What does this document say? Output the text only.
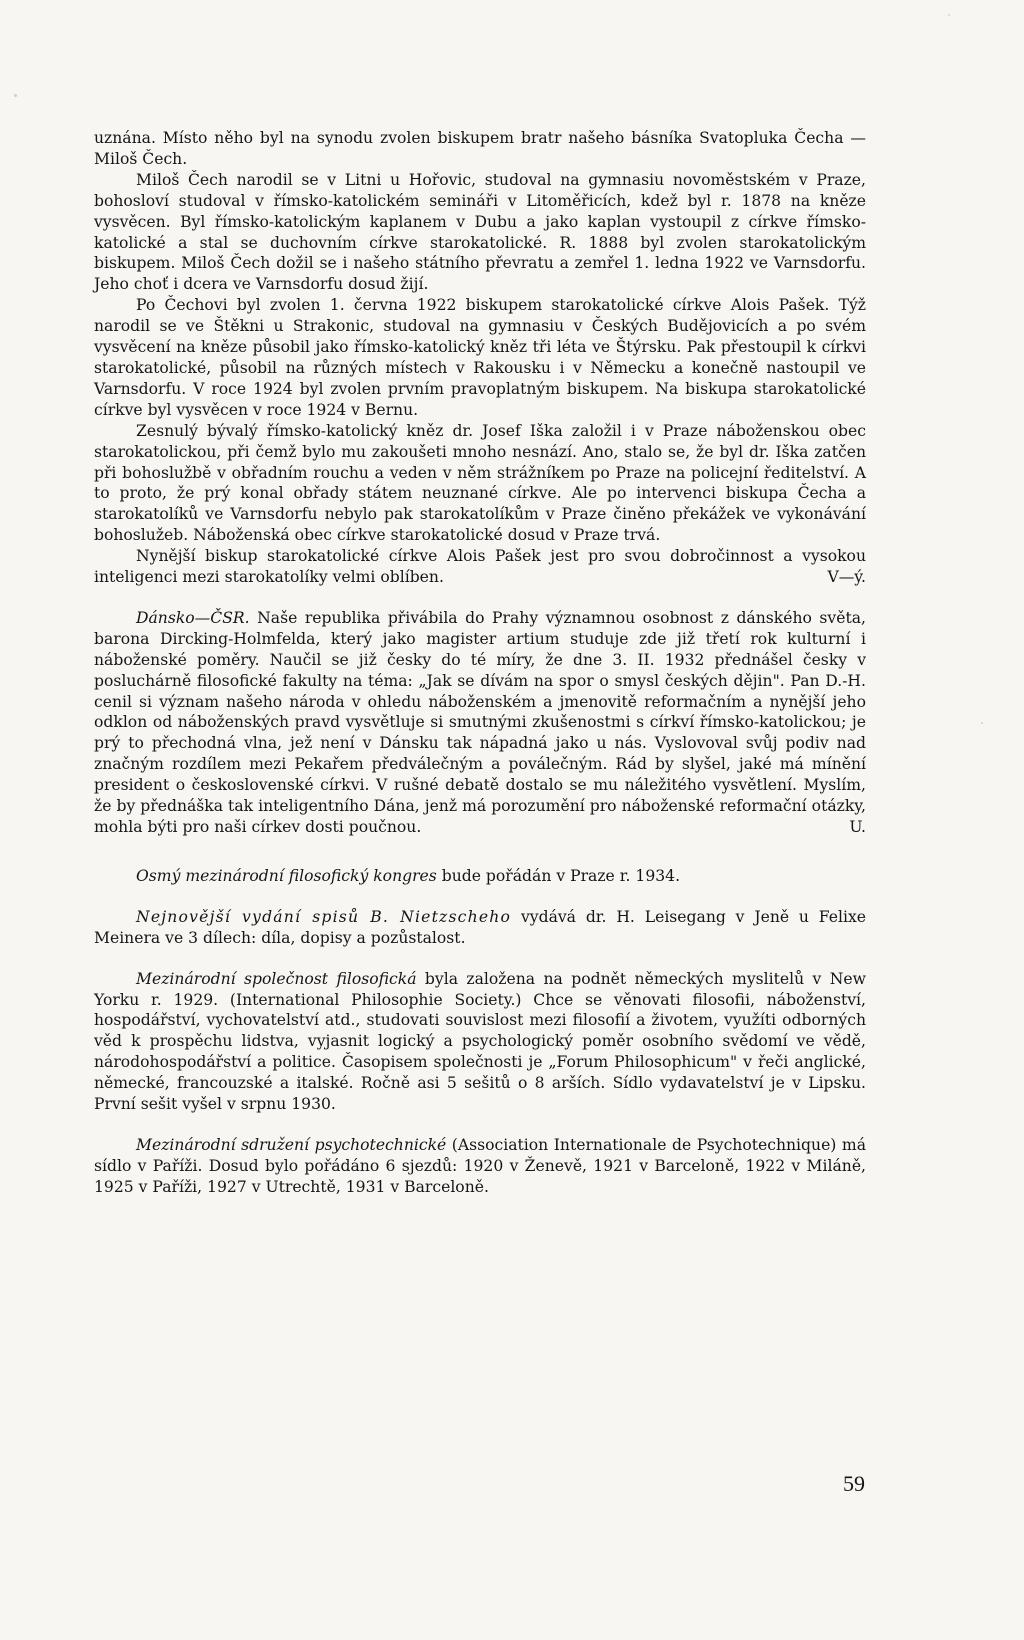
uznána. Místo něho byl na synodu zvolen biskupem bratr našeho básníka Svatopluka Čecha — Miloš Čech.

Miloš Čech narodil se v Litni u Hořovic, studoval na gymnasiu novoměstském v Praze, bohosloví studoval v římsko-katolickém semináři v Litoměřicích, kdež byl r. 1878 na kněze vysvěcen. Byl římsko-katolickým kaplanem v Dubu a jako kaplan vystoupil z církve římsko-katolické a stal se duchovním církve starokatolické. R. 1888 byl zvolen starokatolickým biskupem. Miloš Čech dožil se i našeho státního převratu a zemřel 1. ledna 1922 ve Varnsdorfu. Jeho choť i dcera ve Varnsdorfu dosud žijí.

Po Čechovi byl zvolen 1. června 1922 biskupem starokatolické církve Alois Pašek. Týž narodil se ve Štěkni u Strakonic, studoval na gymnasiu v Českých Budějovicích a po svém vysvěcení na kněze působil jako římsko-katolický kněz tři léta ve Štýrsku. Pak přestoupil k církvi starokatolické, působil na různých místech v Rakousku i v Německu a konečně nastoupil ve Varnsdorfu. V roce 1924 byl zvolen prvním pravoplatným biskupem. Na biskupa starokatolické církve byl vysvěcen v roce 1924 v Bernu.

Zesnulý bývalý římsko-katolický kněz dr. Josef Iška založil i v Praze náboženskou obec starokatolickou, při čemž bylo mu zakoušeti mnoho nesnází. Ano, stalo se, že byl dr. Iška zatčen při bohoslužbě v obřadním rouchu a veden v něm strážníkem po Praze na policejní ředitelství. A to proto, že prý konal obřady státem neuznané církve. Ale po intervenci biskupa Čecha a starokatolíků ve Varnsdorfu nebylo pak starokatolíkům v Praze činěno překážek ve vykonávání bohoslužeb. Náboženská obec církve starokatolické dosud v Praze trvá.

Nynější biskup starokatolické církve Alois Pašek jest pro svou dobročinnost a vysokou inteligenci mezi starokatolíky velmi oblíben.	V—ý.

Dánsko—ČSR. Naše republika přivábila do Prahy významnou osobnost z dánského světa, barona Dircking-Holmfelda, který jako magister artium studuje zde již třetí rok kulturní i náboženské poměry. Naučil se již česky do té míry, že dne 3. II. 1932 přednášel česky v posluchárně filosofické fakulty na téma: „Jak se dívám na spor o smysl českých dějin". Pan D.-H. cenil si význam našeho národa v ohledu náboženském a jmenovitě reformačním a nynější jeho odklon od náboženských pravd vysvětluje si smutnými zkušenostmi s církví římsko-katolickou; je prý to přechodná vlna, jež není v Dánsku tak nápadná jako u nás. Vyslovoval svůj podiv nad značným rozdílem mezi Pekařem předválečným a poválečným. Rád by slyšel, jaké má mínění president o československé církvi. V rušné debatě dostalo se mu náležitého vysvětlení. Myslím, že by přednáška tak inteligentního Dána, jenž má porozumění pro náboženské reformační otázky, mohla býti pro naši církev dosti poučnou.	U.

Osmý mezinárodní filosofický kongres bude pořádán v Praze r. 1934.

Nejnovější vydání spisů B. Nietzscheho vydává dr. H. Leisegang v Jeně u Felixe Meinera ve 3 dílech: díla, dopisy a pozůstalost.

Mezinárodní společnost filosofická byla založena na podnět německých myslitelů v New Yorku r. 1929. (International Philosophie Society.) Chce se věnovati filosofii, náboženství, hospodářství, vychovatelství atd., studovati souvislost mezi filosofií a životem, využíti odborných věd k prospěchu lidstva, vyjasnit logický a psychologický poměr osobního svědomí ve vědě, národohospodářství a politice. Časopisem společnosti je „Forum Philosophicum" v řeči anglické, německé, francouzské a italské. Ročně asi 5 sešitů o 8 arších. Sídlo vydavatelství je v Lipsku. První sešit vyšel v srpnu 1930.

Mezinárodní sdružení psychotechnické (Association Internationale de Psychotechnique) má sídlo v Paříži. Dosud bylo pořádáno 6 sjezdů: 1920 v Ženevě, 1921 v Barceloně, 1922 v Miláně, 1925 v Paříži, 1927 v Utrechtě, 1931 v Barceloně.

59
